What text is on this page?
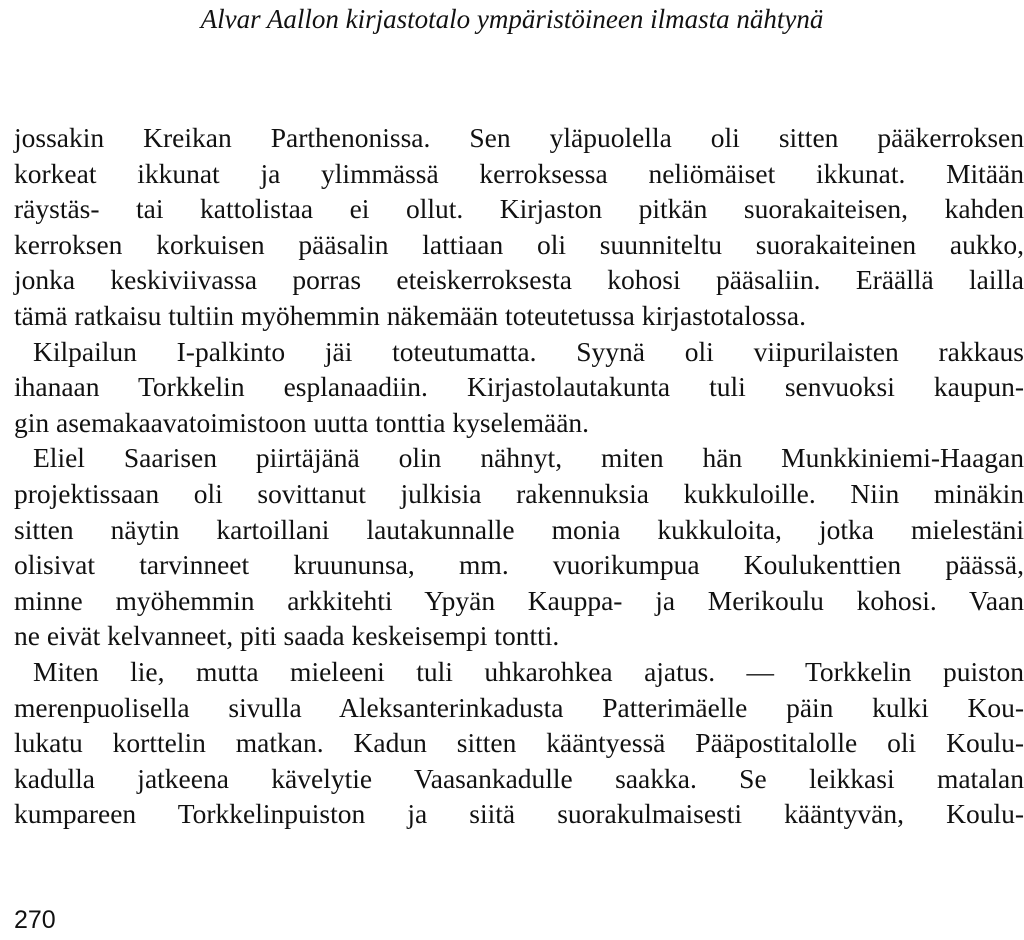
Alvar Aallon kirjastotalo ympäristöineen ilmasta nähtynä
jossakin Kreikan Parthenonissa. Sen yläpuolella oli sitten pääkerroksen
korkeat ikkunat ja ylimmässä kerroksessa neliömäiset ikkunat. Mitään
räystäs- tai kattolistaa ei ollut. Kirjaston pitkän suorakaiteisen, kahden
kerroksen korkuisen pääsalin lattiaan oli suunniteltu suorakaiteinen aukko,
jonka keskiviivassa porras eteiskerroksesta kohosi pääsaliin. Eräällä lailla
tämä ratkaisu tultiin myöhemmin näkemään toteutetussa kirjastotalossa.
Kilpailun I-palkinto jäi toteutumatta. Syynä oli viipurilaisten rakkaus
ihanaan Torkkelin esplanaadiin. Kirjastolautakunta tuli senvuoksi kaupun-
gin asemakaavatoimistoon uutta tonttia kyselemään.
Eliel Saarisen piirtäjänä olin nähnyt, miten hän Munkkiniemi-Haagan
projektissaan oli sovittanut julkisia rakennuksia kukkuloille. Niin minäkin
sitten näytin kartoillani lautakunnalle monia kukkuloita, jotka mielestäni
olisivat tarvinneet kruununsa, mm. vuorikumpua Koulukenttien päässä,
minne myöhemmin arkkitehti Ypyän Kauppa- ja Merikoulu kohosi. Vaan
ne eivät kelvanneet, piti saada keskeisempi tontti.
Miten lie, mutta mieleeni tuli uhkarohkea ajatus. — Torkkelin puiston
merenpuolisella sivulla Aleksanterinkadusta Patterimäelle päin kulki Kou-
lukatu korttelin matkan. Kadun sitten kääntyessä Pääpostitalolle oli Koulu-
kadulla jatkeena kävelytie Vaasankadulle saakka. Se leikkasi matalan
kumpareen Torkkelinpuiston ja siitä suorakulmaisesti kääntyvän, Koulu-
270
